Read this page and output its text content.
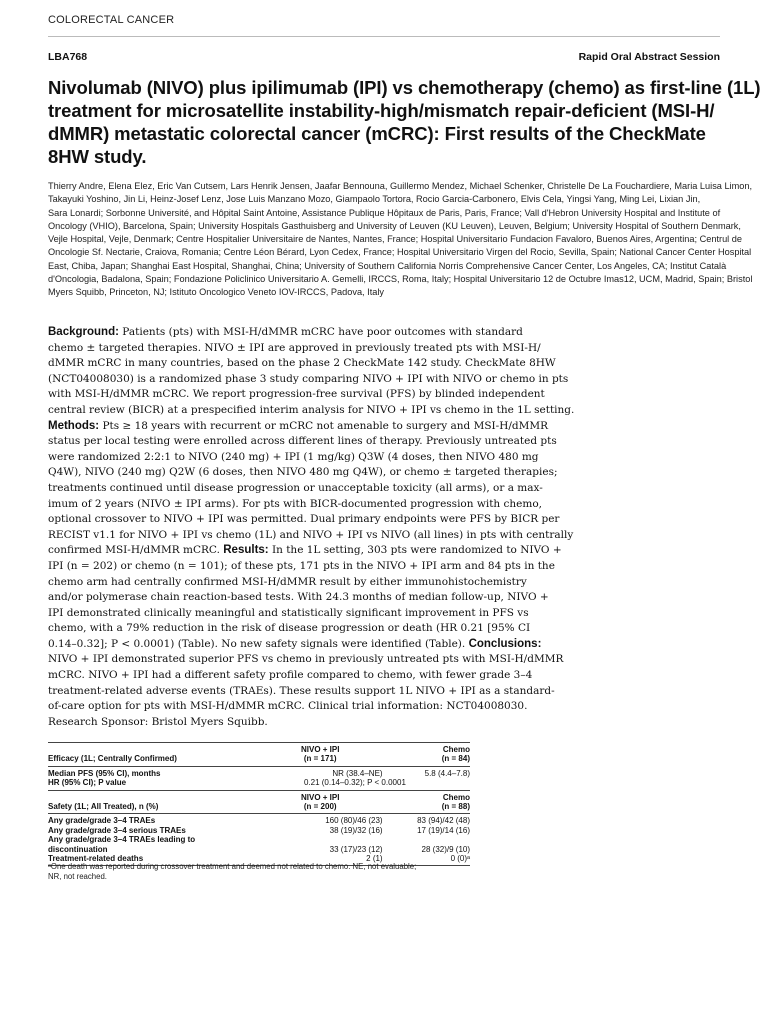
COLORECTAL CANCER
LBA768	Rapid Oral Abstract Session
Nivolumab (NIVO) plus ipilimumab (IPI) vs chemotherapy (chemo) as first-line (1L)
treatment for microsatellite instability-high/mismatch repair-deficient (MSI-H/
dMMR) metastatic colorectal cancer (mCRC): First results of the CheckMate
8HW study.
Thierry Andre, Elena Elez, Eric Van Cutsem, Lars Henrik Jensen, Jaafar Bennouna, Guillermo Mendez, Michael Schenker, Christelle De La Fouchardiere, Maria Luisa Limon,
Takayuki Yoshino, Jin Li, Heinz-Josef Lenz, Jose Luis Manzano Mozo, Giampaolo Tortora, Rocio Garcia-Carbonero, Elvis Cela, Yingsi Yang, Ming Lei, Lixian Jin,
Sara Lonardi; Sorbonne Université, and Hôpital Saint Antoine, Assistance Publique Hôpitaux de Paris, Paris, France; Vall d'Hebron University Hospital and Institute of
Oncology (VHIO), Barcelona, Spain; University Hospitals Gasthuisberg and University of Leuven (KU Leuven), Leuven, Belgium; University Hospital of Southern Denmark,
Vejle Hospital, Vejle, Denmark; Centre Hospitalier Universitaire de Nantes, Nantes, France; Hospital Universitario Fundacion Favaloro, Buenos Aires, Argentina; Centrul de
Oncologie Sf. Nectarie, Craiova, Romania; Centre Léon Bérard, Lyon Cedex, France; Hospital Universitario Virgen del Rocio, Sevilla, Spain; National Cancer Center Hospital
East, Chiba, Japan; Shanghai East Hospital, Shanghai, China; University of Southern California Norris Comprehensive Cancer Center, Los Angeles, CA; Institut Català
d'Oncologia, Badalona, Spain; Fondazione Policlinico Universitario A. Gemelli, IRCCS, Roma, Italy; Hospital Universitario 12 de Octubre Imas12, UCM, Madrid, Spain; Bristol
Myers Squibb, Princeton, NJ; Istituto Oncologico Veneto IOV-IRCCS, Padova, Italy
Background: Patients (pts) with MSI-H/dMMR mCRC have poor outcomes with standard
chemo ± targeted therapies. NIVO ± IPI are approved in previously treated pts with MSI-H/
dMMR mCRC in many countries, based on the phase 2 CheckMate 142 study. CheckMate 8HW
(NCT04008030) is a randomized phase 3 study comparing NIVO + IPI with NIVO or chemo in pts
with MSI-H/dMMR mCRC. We report progression-free survival (PFS) by blinded independent
central review (BICR) at a prespecified interim analysis for NIVO + IPI vs chemo in the 1L setting.
Methods: Pts ≥ 18 years with recurrent or mCRC not amenable to surgery and MSI-H/dMMR
status per local testing were enrolled across different lines of therapy. Previously untreated pts
were randomized 2:2:1 to NIVO (240 mg) + IPI (1 mg/kg) Q3W (4 doses, then NIVO 480 mg
Q4W), NIVO (240 mg) Q2W (6 doses, then NIVO 480 mg Q4W), or chemo ± targeted therapies;
treatments continued until disease progression or unacceptable toxicity (all arms), or a max-
imum of 2 years (NIVO ± IPI arms). For pts with BICR-documented progression with chemo,
optional crossover to NIVO + IPI was permitted. Dual primary endpoints were PFS by BICR per
RECIST v1.1 for NIVO + IPI vs chemo (1L) and NIVO + IPI vs NIVO (all lines) in pts with centrally
confirmed MSI-H/dMMR mCRC. Results: In the 1L setting, 303 pts were randomized to NIVO +
IPI (n = 202) or chemo (n = 101); of these pts, 171 pts in the NIVO + IPI arm and 84 pts in the
chemo arm had centrally confirmed MSI-H/dMMR result by either immunohistochemistry
and/or polymerase chain reaction-based tests. With 24.3 months of median follow-up, NIVO +
IPI demonstrated clinically meaningful and statistically significant improvement in PFS vs
chemo, with a 79% reduction in the risk of disease progression or death (HR 0.21 [95% CI
0.14–0.32]; P < 0.0001) (Table). No new safety signals were identified (Table). Conclusions:
NIVO + IPI demonstrated superior PFS vs chemo in previously untreated pts with MSI-H/dMMR
mCRC. NIVO + IPI had a different safety profile compared to chemo, with fewer grade 3–4
treatment-related adverse events (TRAEs). These results support 1L NIVO + IPI as a standard-
of-care option for pts with MSI-H/dMMR mCRC. Clinical trial information: NCT04008030.
Research Sponsor: Bristol Myers Squibb.
	NIVO + IPI	Chemo
Efficacy (1L; Centrally Confirmed)	(n = 171)	(n = 84)
Median PFS (95% CI), months	NR (38.4–NE)	5.8 (4.4–7.8)
HR (95% CI); P value	0.21 (0.14–0.32); P < 0.0001	
	NIVO + IPI	Chemo
Safety (1L; All Treated), n (%)	(n = 200)	(n = 88)
Any grade/grade 3–4 TRAEs	160 (80)/46 (23)	83 (94)/42 (48)
Any grade/grade 3–4 serious TRAEs	38 (19)/32 (16)	17 (19)/14 (16)
Any grade/grade 3–4 TRAEs leading to discontinuation	33 (17)/23 (12)	28 (32)/9 (10)
Treatment-related deaths	2 (1)	0 (0)ᵃ
ᵃOne death was reported during crossover treatment and deemed not related to chemo. NE, not evaluable;
NR, not reached.
